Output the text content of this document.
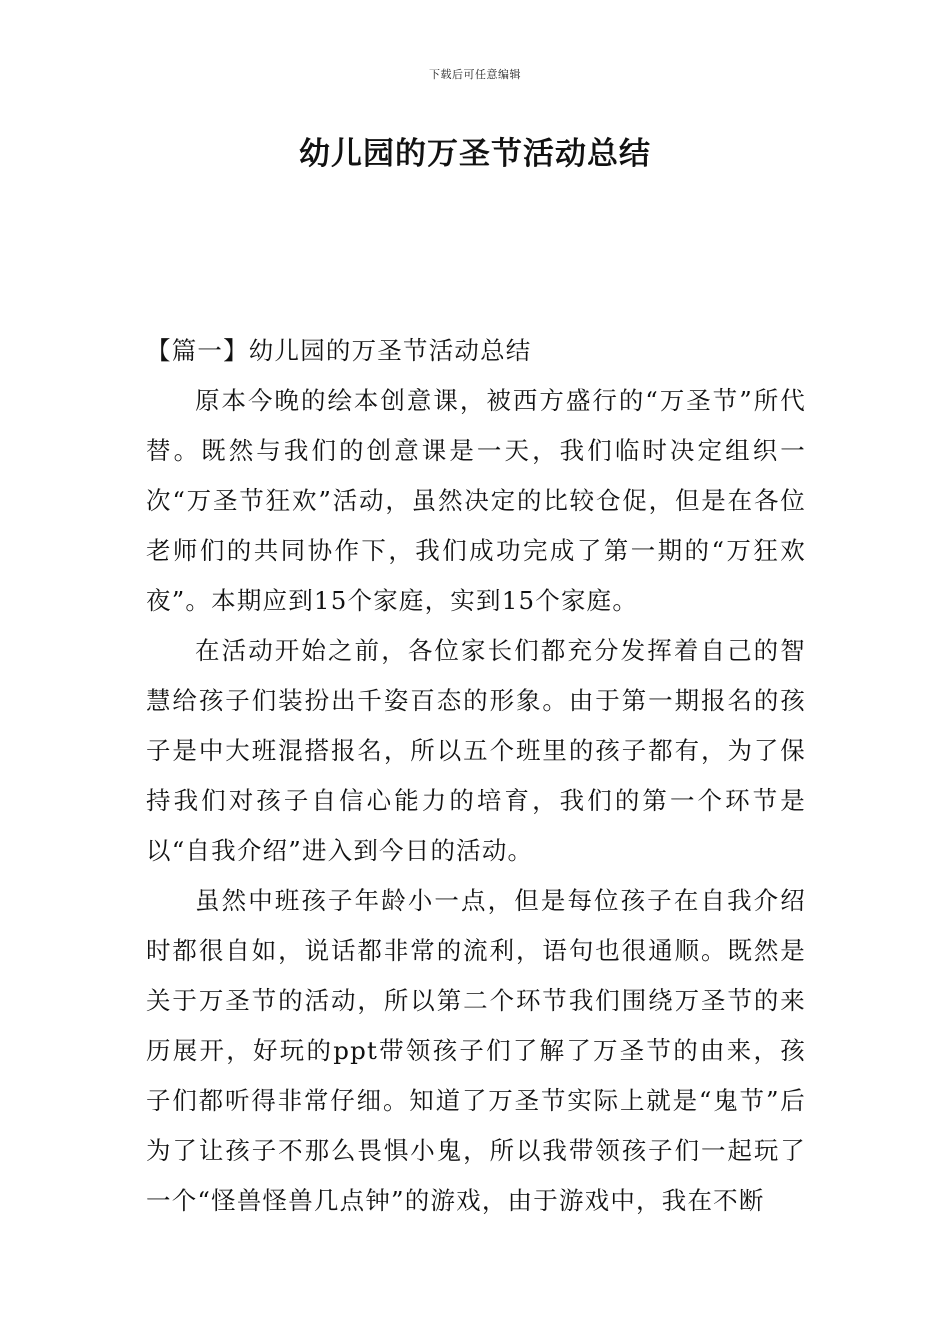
下载后可任意编辑
幼儿园的万圣节活动总结

【篇一】幼儿园的万圣节活动总结

原本今晚的绘本创意课，被西方盛行的“万圣节”所代替。既然与我们的创意课是一天，我们临时决定组织一次“万圣节狂欢”活动，虽然决定的比较仓促，但是在各位老师们的共同协作下，我们成功完成了第一期的“万狂欢夜”。本期应到15个家庭，实到15个家庭。

在活动开始之前，各位家长们都充分发挥着自己的智慧给孩子们装扮出千姿百态的形象。由于第一期报名的孩子是中大班混搭报名，所以五个班里的孩子都有，为了保持我们对孩子自信心能力的培育，我们的第一个环节是以“自我介绍”进入到今日的活动。

虽然中班孩子年龄小一点，但是每位孩子在自我介绍时都很自如，说话都非常的流利，语句也很通顺。既然是关于万圣节的活动，所以第二个环节我们围绕万圣节的来历展开，好玩的ppt带领孩子们了解了万圣节的由来，孩子们都听得非常仔细。知道了万圣节实际上就是“鬼节”后为了让孩子不那么畏惧小鬼，所以我带领孩子们一起玩了一个“怪兽怪兽几点钟”的游戏，由于游戏中，我在不断
